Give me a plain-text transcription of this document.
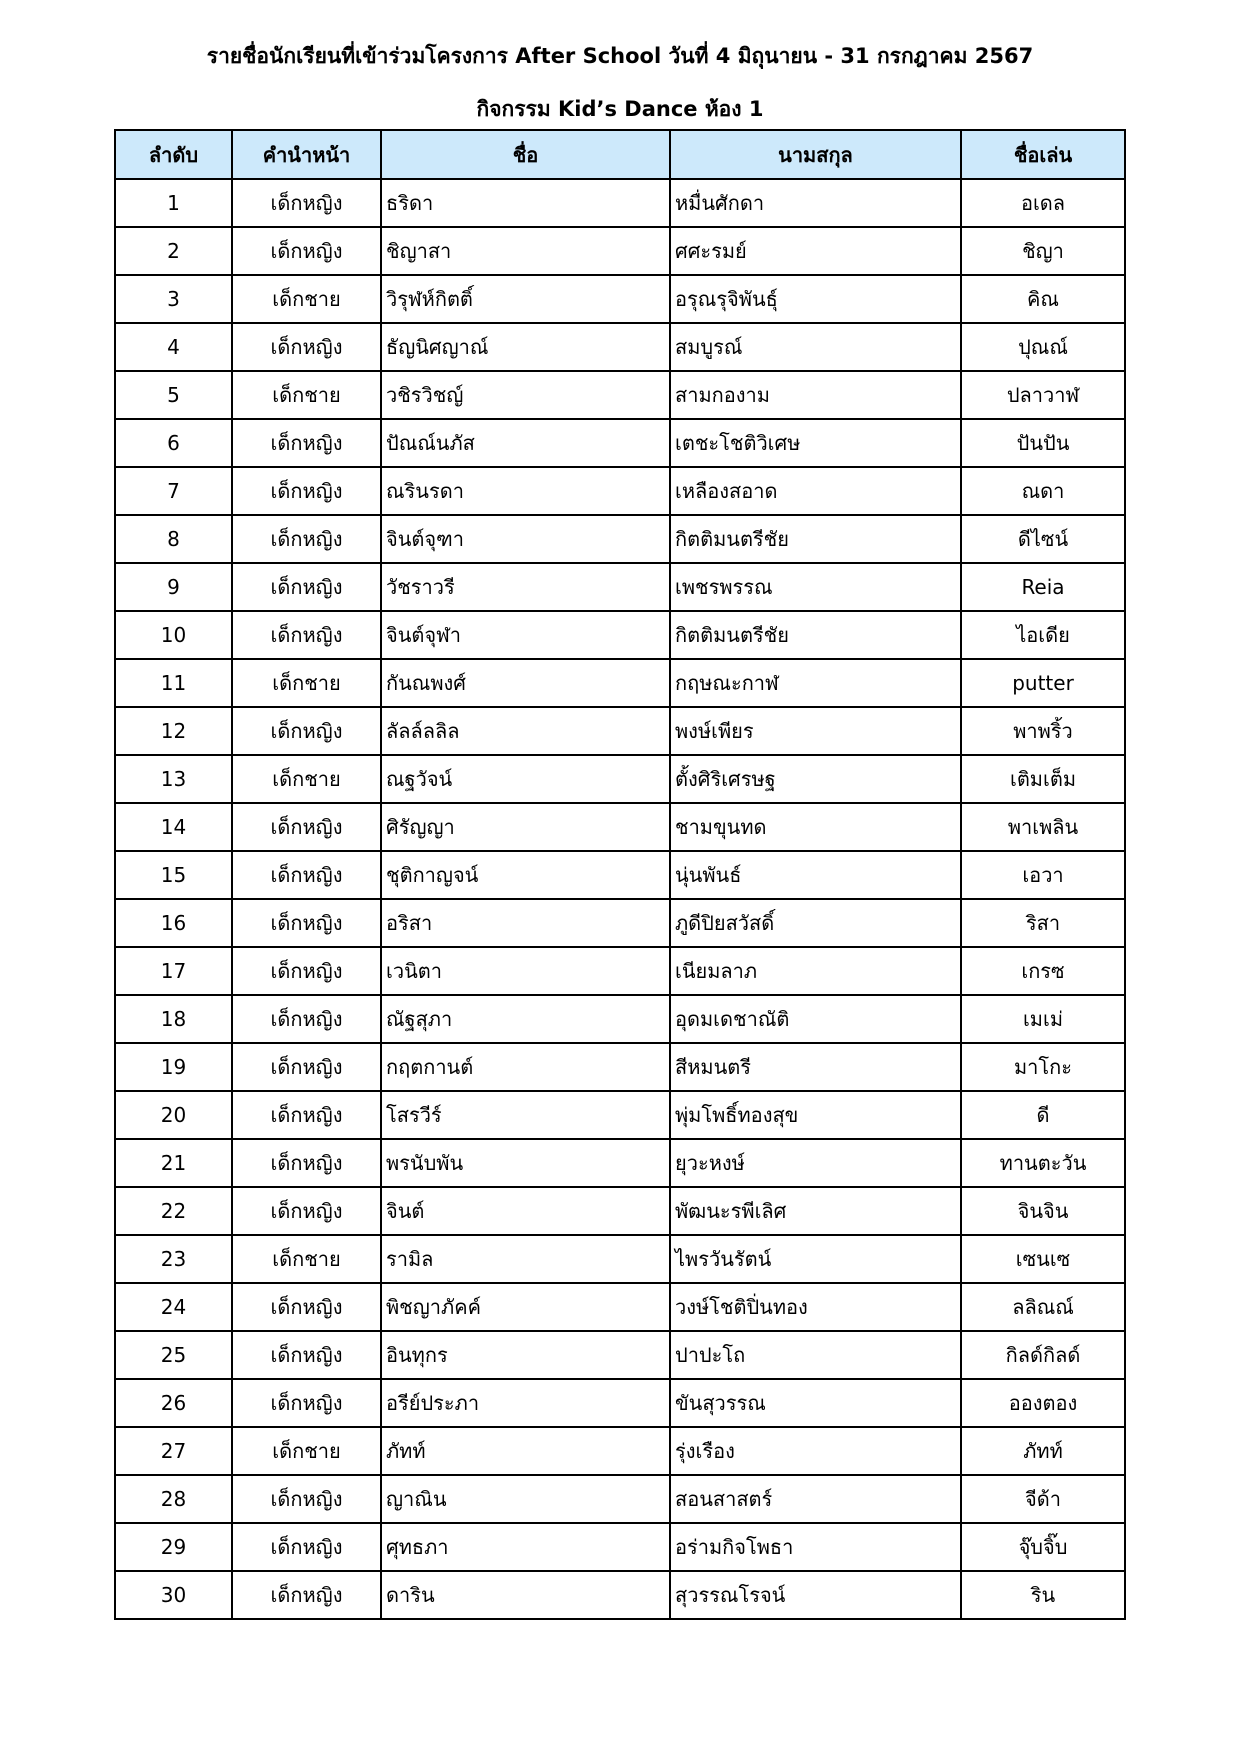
รายชื่อนักเรียนที่เข้าร่วมโครงการ After School วันที่ 4 มิถุนายน - 31 กรกฎาคม 2567
กิจกรรม Kid’s Dance ห้อง 1
ลำดับ	คำนำหน้า	ชื่อ	นามสกุล	ชื่อเล่น
1	เด็กหญิง	ธริดา	หมื่นศักดา	อเดล
2	เด็กหญิง	ชิญาสา	ศศะรมย์	ชิญา
3	เด็กชาย	วิรุฬห์กิตติ์	อรุณรุจิพันธุ์	คิณ
4	เด็กหญิง	ธัญนิศญาณ์	สมบูรณ์	ปุณณ์
5	เด็กชาย	วชิรวิชญ์	สามกองาม	ปลาวาฬ
6	เด็กหญิง	ปัณณ์นภัส	เตชะโชติวิเศษ	ปันปัน
7	เด็กหญิง	ณรินรดา	เหลืองสอาด	ณดา
8	เด็กหญิง	จินต์จุฑา	กิตติมนตรีชัย	ดีไซน์
9	เด็กหญิง	วัชราวรี	เพชรพรรณ	Reia
10	เด็กหญิง	จินต์จุฬา	กิตติมนตรีชัย	ไอเดีย
11	เด็กชาย	กันณพงศ์	กฤษณะกาฬ	putter
12	เด็กหญิง	ลัลล์ลลิล	พงษ์เพียร	พาพริ้ว
13	เด็กชาย	ณฐวัจน์	ตั้งศิริเศรษฐ	เติมเต็ม
14	เด็กหญิง	ศิรัญญา	ชามขุนทด	พาเพลิน
15	เด็กหญิง	ชุติกาญจน์	นุ่นพันธ์	เอวา
16	เด็กหญิง	อริสา	ภูดีปิยสวัสดิ์	ริสา
17	เด็กหญิง	เวนิตา	เนียมลาภ	เกรซ
18	เด็กหญิง	ณัฐสุภา	อุดมเดชาณัติ	เมเม่
19	เด็กหญิง	กฤตกานต์	สีหมนตรี	มาโกะ
20	เด็กหญิง	โสรวีร์	พุ่มโพธิ์ทองสุข	ดี
21	เด็กหญิง	พรนับพัน	ยุวะหงษ์	ทานตะวัน
22	เด็กหญิง	จินต์	พัฒนะรพีเลิศ	จินจิน
23	เด็กชาย	รามิล	ไพรวันรัตน์	เซนเซ
24	เด็กหญิง	พิชญาภัคค์	วงษ์โชติปิ่นทอง	ลลิณณ์
25	เด็กหญิง	อินทุกร	ปาปะโถ	กิลด์กิลด์
26	เด็กหญิง	อรีย์ประภา	ขันสุวรรณ	อองตอง
27	เด็กชาย	ภัทท์	รุ่งเรือง	ภัทท์
28	เด็กหญิง	ญาณิน	สอนสาสตร์	จีด้า
29	เด็กหญิง	ศุทธภา	อร่ามกิจโพธา	จุ๊บจิ๊บ
30	เด็กหญิง	ดาริน	สุวรรณโรจน์	ริน
